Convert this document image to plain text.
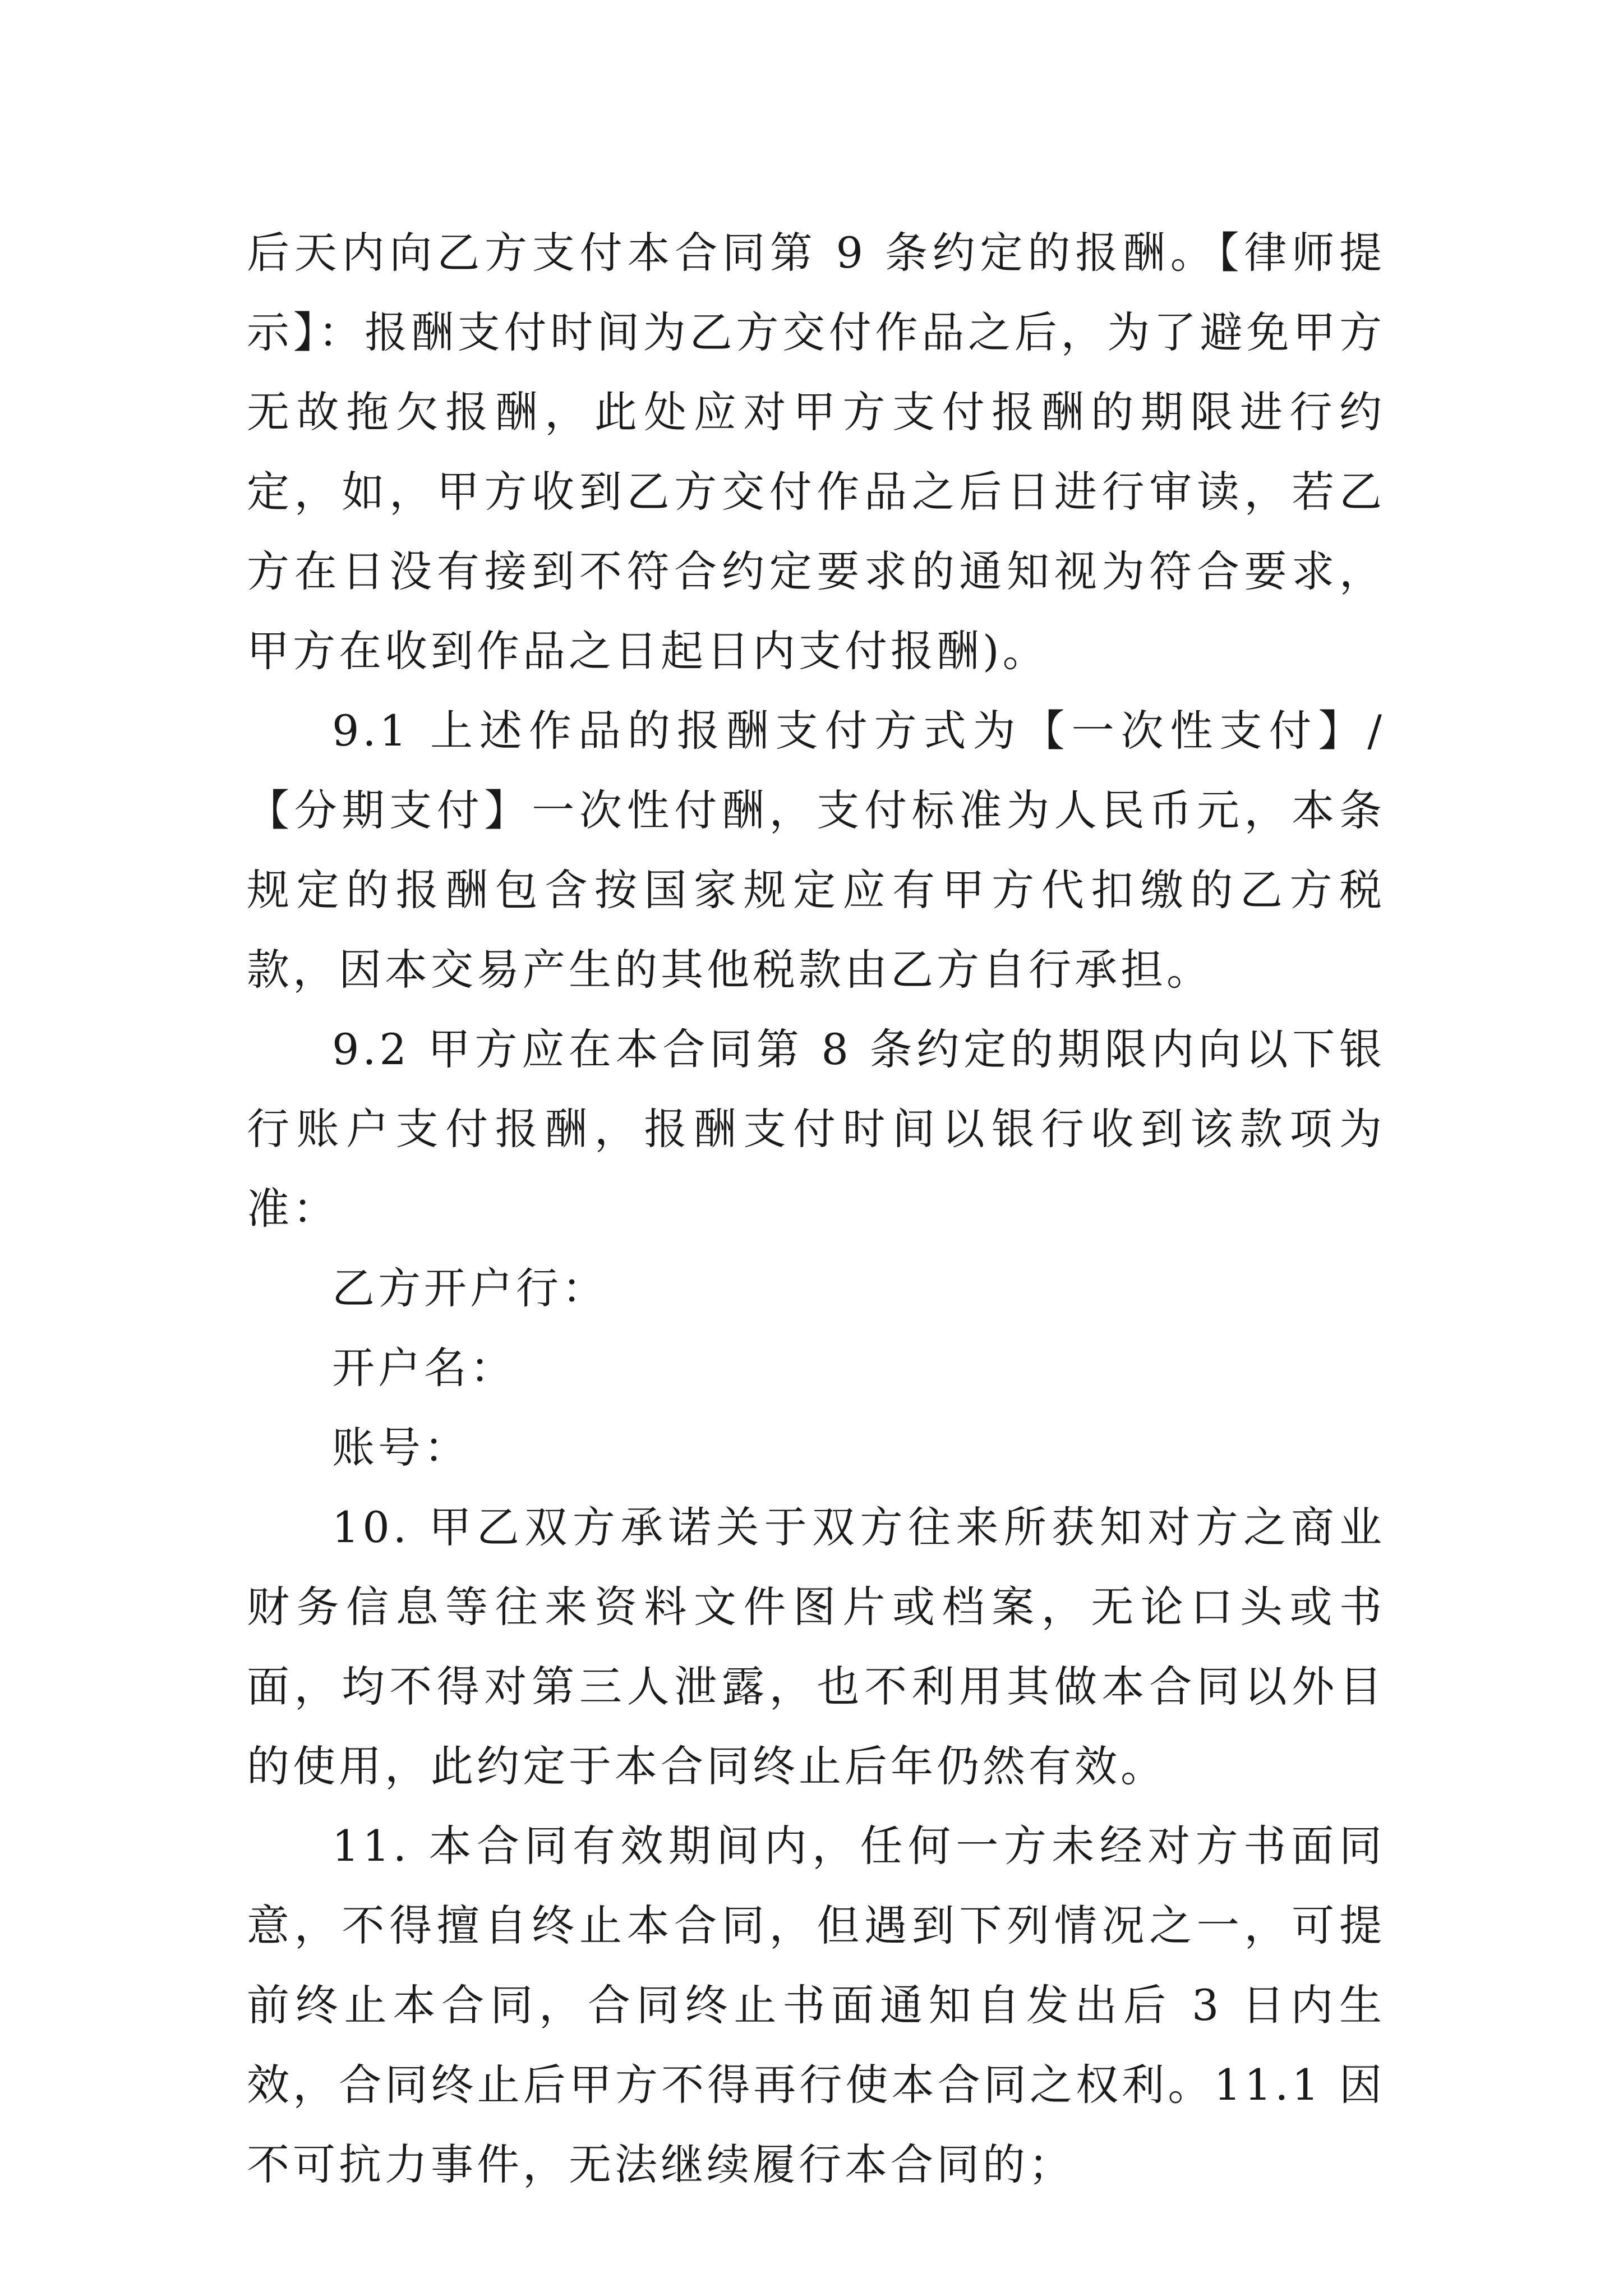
后天内向乙方支付本合同第 9 条约定的报酬。【律师提示】：报酬支付时间为乙方交付作品之后，为了避免甲方无故拖欠报酬，此处应对甲方支付报酬的期限进行约定，如，甲方收到乙方交付作品之后日进行审读，若乙方在日没有接到不符合约定要求的通知视为符合要求，甲方在收到作品之日起日内支付报酬)。

9.1 上述作品的报酬支付方式为【一次性支付】/【分期支付】一次性付酬，支付标准为人民币元，本条规定的报酬包含按国家规定应有甲方代扣缴的乙方税款，因本交易产生的其他税款由乙方自行承担。

9.2 甲方应在本合同第 8 条约定的期限内向以下银行账户支付报酬，报酬支付时间以银行收到该款项为准：

乙方开户行：

开户名：

账号：

10. 甲乙双方承诺关于双方往来所获知对方之商业财务信息等往来资料文件图片或档案，无论口头或书面，均不得对第三人泄露，也不利用其做本合同以外目的使用，此约定于本合同终止后年仍然有效。

11. 本合同有效期间内，任何一方未经对方书面同意，不得擅自终止本合同，但遇到下列情况之一，可提前终止本合同，合同终止书面通知自发出后 3 日内生效，合同终止后甲方不得再行使本合同之权利。11.1 因不可抗力事件，无法继续履行本合同的；
